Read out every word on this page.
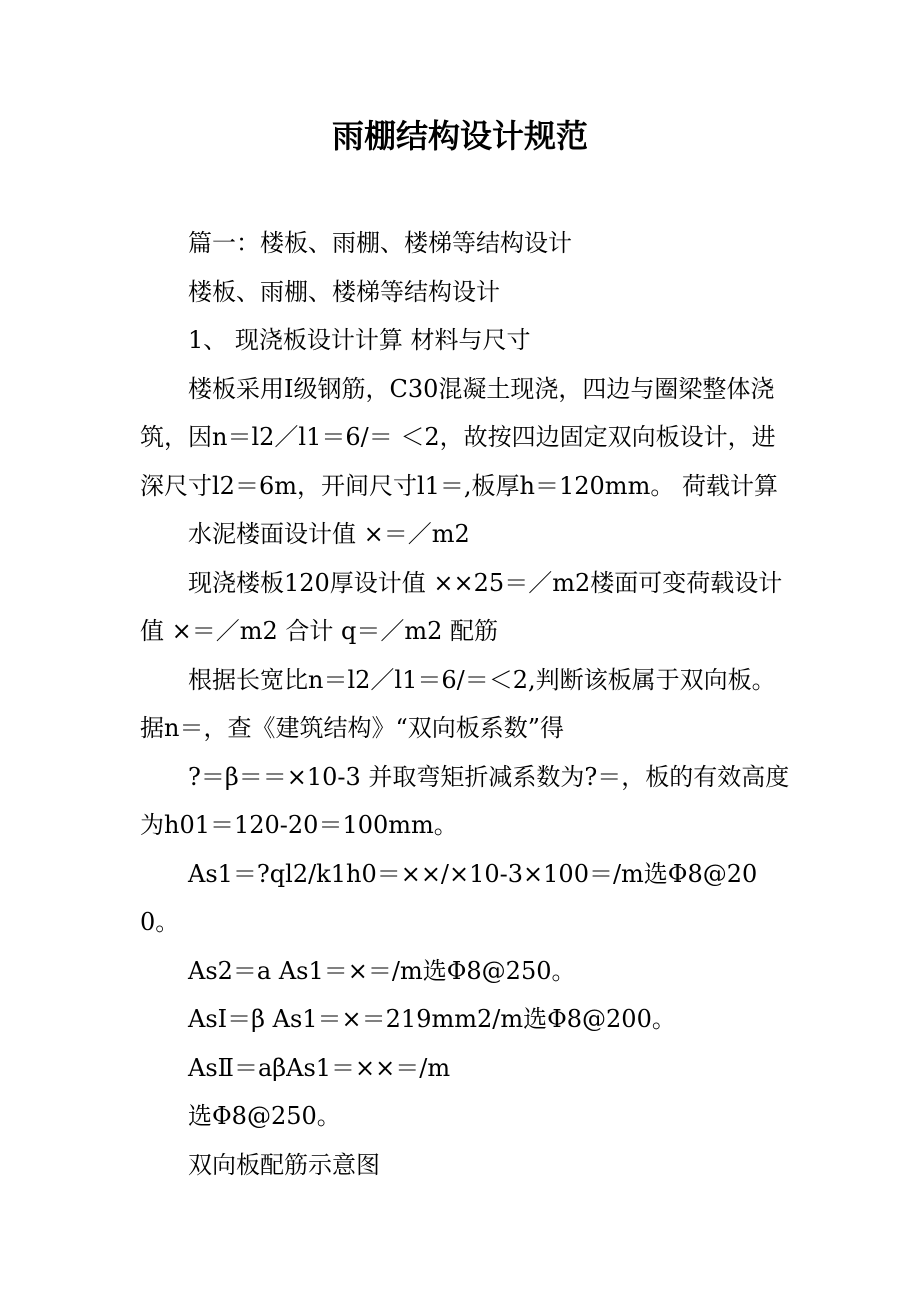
雨棚结构设计规范

篇一：楼板、雨棚、楼梯等结构设计

楼板、雨棚、楼梯等结构设计

1、 现浇板设计计算 材料与尺寸

楼板采用Ⅰ级钢筋，C30混凝土现浇，四边与圈梁整体浇筑，因n＝l2／l1＝6/＝ ＜2，故按四边固定双向板设计，进深尺寸l2＝6m，开间尺寸l1＝,板厚h＝120mm。 荷载计算

水泥楼面设计值 ×＝／m2

现浇楼板120厚设计值 ××25＝／m2楼面可变荷载设计值 ×＝／m2 合计 q＝／m2 配筋

根据长宽比n＝l2／l1＝6/＝＜2,判断该板属于双向板。据n＝，查《建筑结构》“双向板系数”得

?＝β＝＝×10-3 并取弯矩折减系数为?＝，板的有效高度为h01＝120-20＝100mm。

As1＝?ql2/k1h0＝××/×10-3×100＝/m选Φ8@200。

As2＝a As1＝×＝/m选Φ8@250。

AsⅠ＝β As1＝×＝219mm2/m选Φ8@200。

AsⅡ＝aβAs1＝××＝/m

选Φ8@250。

双向板配筋示意图
